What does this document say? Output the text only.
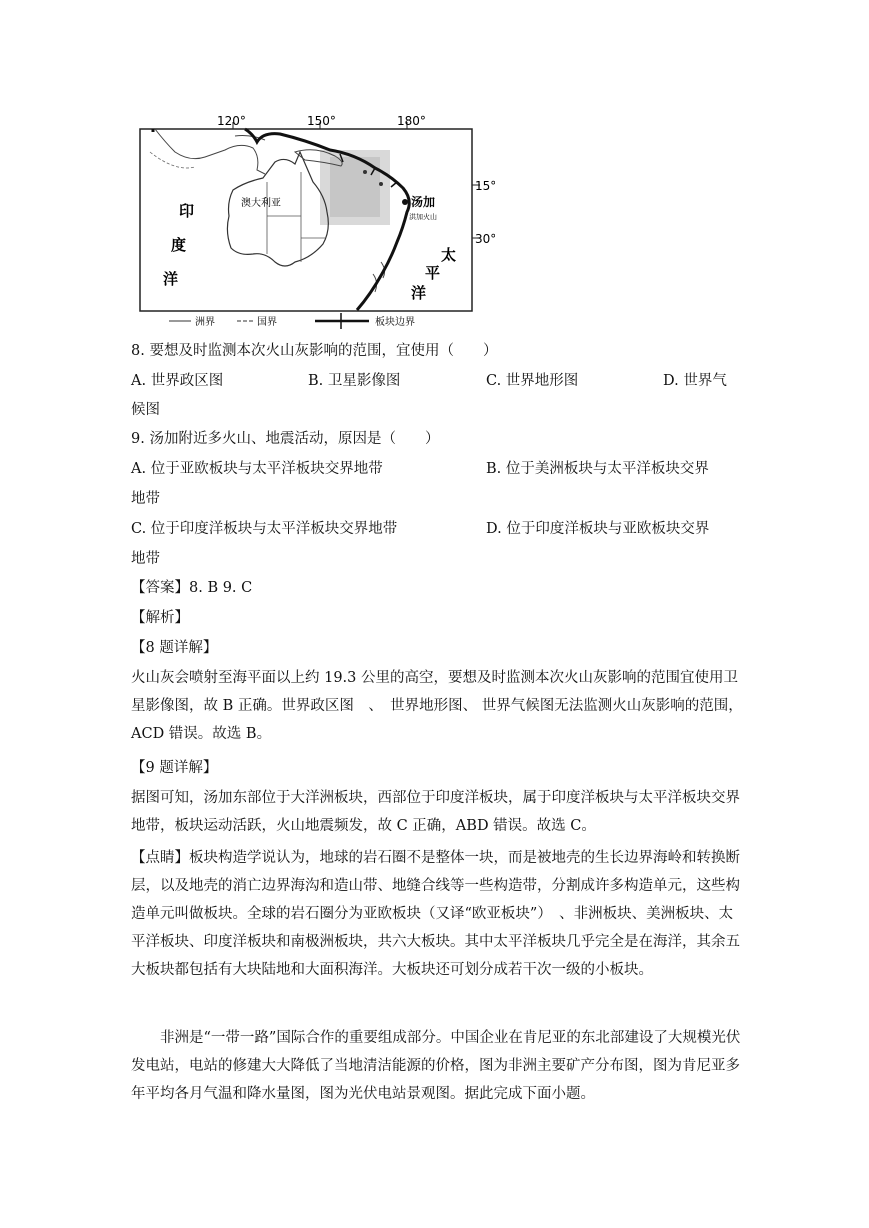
120°	150°	180°
15°
30°
印
度
洋
太
平
洋
澳大利亚	汤加
洪加火山
洲界	国界	板块边界
8. 要想及时监测本次火山灰影响的范围，宜使用（　　）
A. 世界政区图	B. 卫星影像图	C. 世界地形图	D. 世界气
候图
9. 汤加附近多火山、地震活动，原因是（　　）
A. 位于亚欧板块与太平洋板块交界地带	B. 位于美洲板块与太平洋板块交界
地带
C. 位于印度洋板块与太平洋板块交界地带	D. 位于印度洋板块与亚欧板块交界
地带
【答案】8. B 9. C
【解析】
【8 题详解】
火山灰会喷射至海平面以上约 19.3 公里的高空，要想及时监测本次火山灰影响的范围宜使用卫星影像图，故 B 正确。世界政区图　、　世界地形图、 世界气候图无法监测火山灰影响的范围，ACD 错误。故选 B。
【9 题详解】
据图可知，汤加东部位于大洋洲板块，西部位于印度洋板块，属于印度洋板块与太平洋板块交界地带，板块运动活跃，火山地震频发，故 C 正确，ABD 错误。故选 C。
【点睛】板块构造学说认为，地球的岩石圈不是整体一块，而是被地壳的生长边界海岭和转换断层，以及地壳的消亡边界海沟和造山带、地缝合线等一些构造带，分割成许多构造单元，这些构造单元叫做板块。全球的岩石圈分为亚欧板块（又译“欧亚板块”）　、非洲板块、美洲板块、太平洋板块、印度洋板块和南极洲板块，共六大板块。其中太平洋板块几乎完全是在海洋，其余五大板块都包括有大块陆地和大面积海洋。大板块还可划分成若干次一级的小板块。
非洲是“一带一路”国际合作的重要组成部分。中国企业在肯尼亚的东北部建设了大规模光伏发电站，电站的修建大大降低了当地清洁能源的价格，图为非洲主要矿产分布图，图为肯尼亚多年平均各月气温和降水量图，图为光伏电站景观图。据此完成下面小题。
